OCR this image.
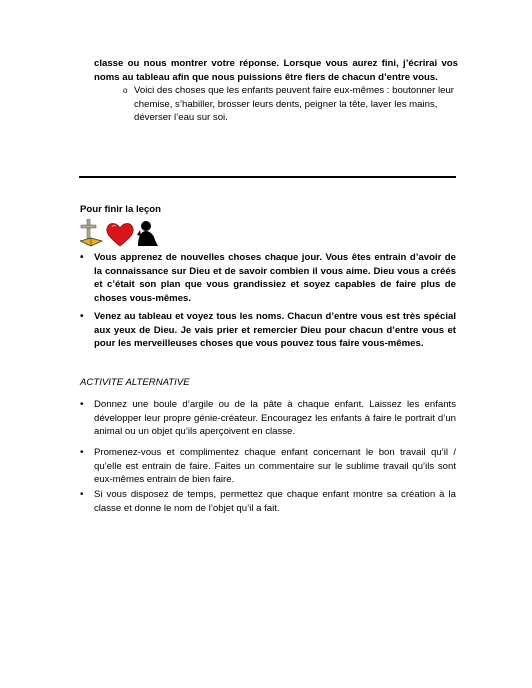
classe ou nous montrer votre réponse. Lorsque vous aurez fini, j’écrirai vos noms au tableau afin que nous puissions être fiers de chacun d’entre vous.
o Voici des choses que les enfants peuvent faire eux-mêmes : boutonner leur chemise, s’habiller, brosser leurs dents, peigner la tête, laver les mains, déverser l’eau sur soi.
Pour finir la leçon
• Vous apprenez de nouvelles choses chaque jour. Vous êtes entrain d’avoir de la connaissance sur Dieu et de savoir combien il vous aime. Dieu vous a créés et c’était son plan que vous grandissiez et soyez capables de faire plus de choses vous-mêmes.
• Venez au tableau et voyez tous les noms. Chacun d’entre vous est très spécial aux yeux de Dieu. Je vais prier et remercier Dieu pour chacun d’entre vous et pour les merveilleuses choses que vous pouvez tous faire vous-mêmes.
ACTIVITE ALTERNATIVE
• Donnez une boule d’argile ou de la pâte à chaque enfant. Laissez les enfants développer leur propre génie-créateur. Encouragez les enfants à faire le portrait d’un animal ou un objet qu’ils aperçoivent en classe.
• Promenez-vous et complimentez chaque enfant concernant le bon travail qu’il / qu’elle est entrain de faire. Faites un commentaire sur le sublime travail qu’ils sont eux-mêmes entrain de bien faire.
• Si vous disposez de temps, permettez que chaque enfant montre sa création à la classe et donne le nom de l’objet qu’il a fait.
